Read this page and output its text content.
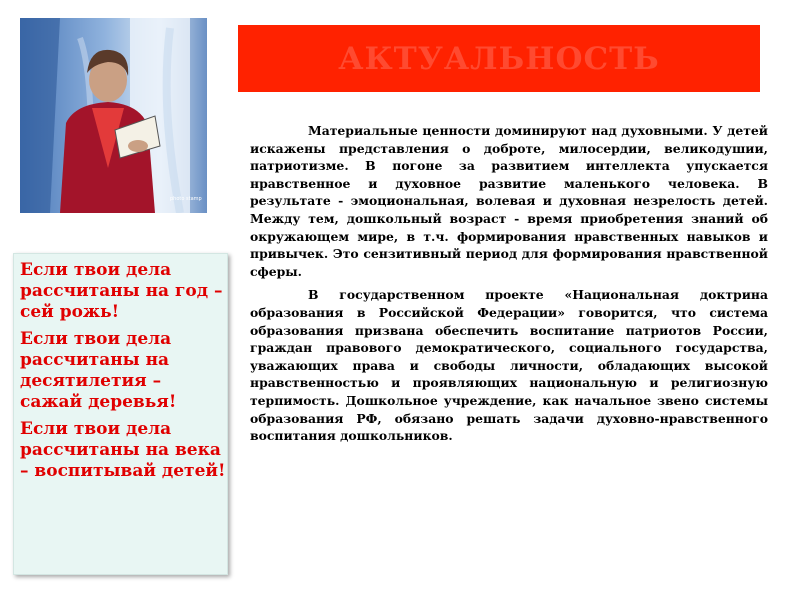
photo stamp
АКТУАЛЬНОСТЬ

Материальные ценности доминируют над духовными. У детей искажены представления о доброте, милосердии, великодушии, патриотизме. В погоне за развитием интеллекта упускается нравственное и духовное развитие маленького человека. В результате - эмоциональная, волевая и духовная незрелость детей. Между тем, дошкольный возраст - время приобретения знаний об окружающем мире, в т.ч. формирования нравственных навыков и привычек. Это сензитивный период для формирования нравственной сферы.

В государственном проекте «Национальная доктрина образования в Российской Федерации» говорится, что система образования призвана обеспечить воспитание патриотов России, граждан правового демократического, социального государства, уважающих права и свободы личности, обладающих высокой нравственностью и проявляющих национальную и религиозную терпимость. Дошкольное учреждение, как начальное звено системы образования РФ, обязано решать задачи духовно-нравственного воспитания дошкольников.

Если твои дела рассчитаны на год – сей рожь!

Если твои дела рассчитаны на десятилетия – сажай деревья!

Если твои дела рассчитаны на века – воспитывай детей!
